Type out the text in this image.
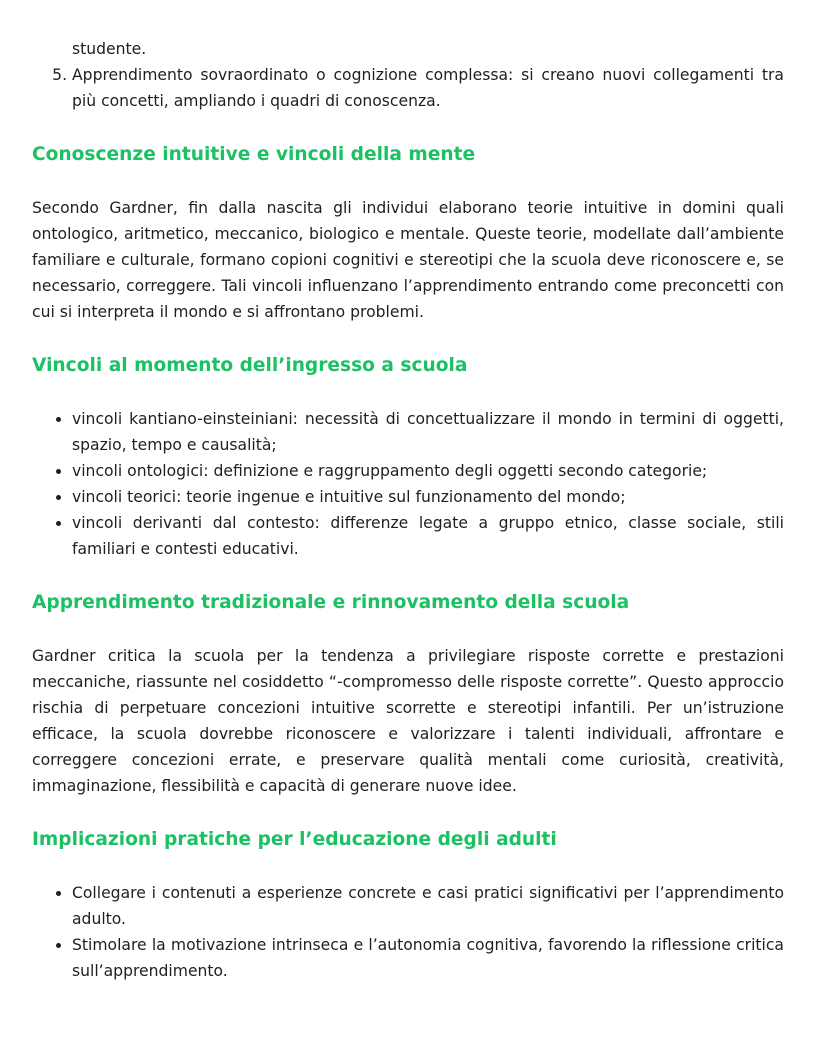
studente.
5. Apprendimento sovraordinato o cognizione complessa: si creano nuovi collegamenti tra più concetti, ampliando i quadri di conoscenza.
Conoscenze intuitive e vincoli della mente

Secondo Gardner, fin dalla nascita gli individui elaborano teorie intuitive in domini quali ontologico, aritmetico, meccanico, biologico e mentale. Queste teorie, modellate dall’ambiente familiare e culturale, formano copioni cognitivi e stereotipi che la scuola deve riconoscere e, se necessario, correggere. Tali vincoli influenzano l’apprendimento entrando come preconcetti con cui si interpreta il mondo e si affrontano problemi.

Vincoli al momento dell’ingresso a scuola
• vincoli kantiano-einsteiniani: necessità di concettualizzare il mondo in termini di oggetti, spazio, tempo e causalità;
• vincoli ontologici: definizione e raggruppamento degli oggetti secondo categorie;
• vincoli teorici: teorie ingenue e intuitive sul funzionamento del mondo;
• vincoli derivanti dal contesto: differenze legate a gruppo etnico, classe sociale, stili familiari e contesti educativi.
Apprendimento tradizionale e rinnovamento della scuola

Gardner critica la scuola per la tendenza a privilegiare risposte corrette e prestazioni meccaniche, riassunte nel cosiddetto “-compromesso delle risposte corrette”. Questo approccio rischia di perpetuare concezioni intuitive scorrette e stereotipi infantili. Per un’istruzione efficace, la scuola dovrebbe riconoscere e valorizzare i talenti individuali, affrontare e correggere concezioni errate, e preservare qualità mentali come curiosità, creatività, immaginazione, flessibilità e capacità di generare nuove idee.

Implicazioni pratiche per l’educazione degli adulti
• Collegare i contenuti a esperienze concrete e casi pratici significativi per l’apprendimento adulto.
• Stimolare la motivazione intrinseca e l’autonomia cognitiva, favorendo la riflessione critica sull’apprendimento.
